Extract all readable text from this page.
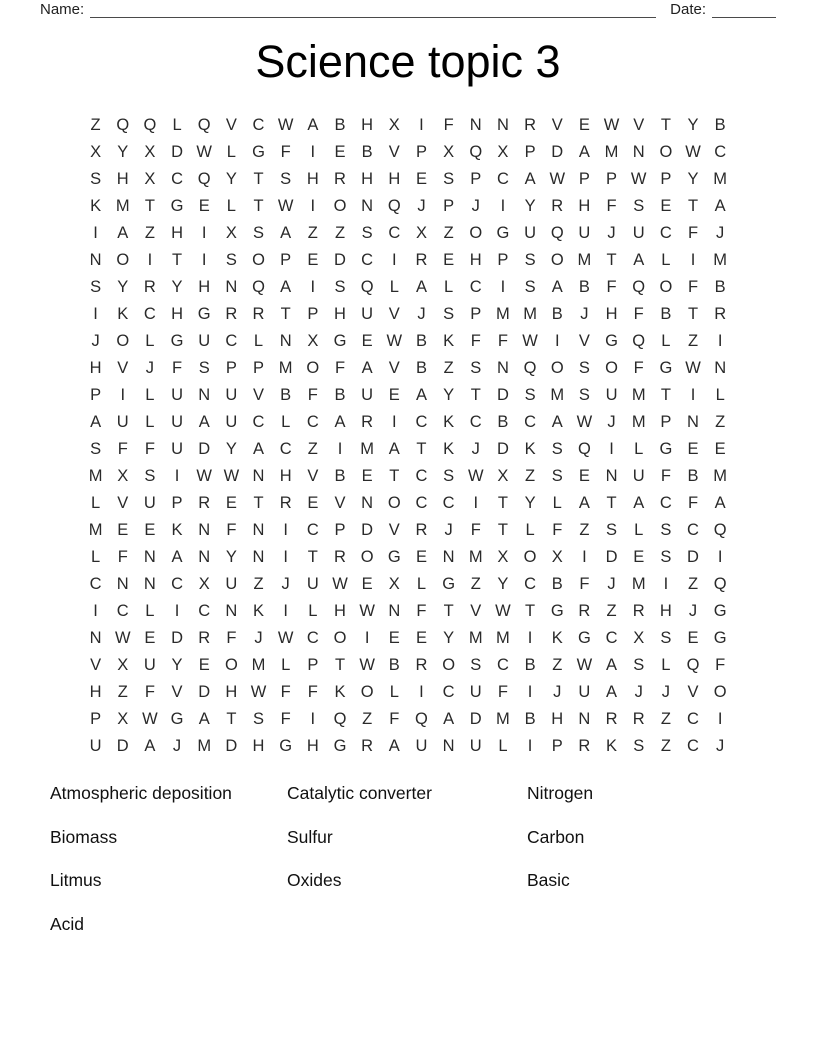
Name:	Date:
Science topic 3
Z Q Q L Q V C W A B H X	I	F N N R V E W V	T	Y B
X Y X D W L G F	I	E B V P X Q X P D A M N O W C
S H X C Q Y	T	S H R H H E S P C A W P P W P Y M
K M T G E	L	T W	I	O N Q	J	P	J	I	Y R H F	S E	T	A
I	A	Z H	I	X S A	Z	Z	S C X	Z O G U Q U	J	U C F	J
N O	I	T	I	S O P E D C	I	R E H P S O M T	A	L	I	M
S Y R Y H N Q A	I	S Q L	A	L	C	I	S A B	F Q O F	B
I	K C H G R R T	P H U V	J	S P M M B	J	H F	B	T R
J	O L G U C	L	N X G E W B K	F	F W	I	V G Q L	Z	I
H V	J	F	S P P M O F	A V B	Z	S N Q O S O F G W N
P	I	L	U N U V B	F	B U E A Y	T D S M S U M T	I	L
A U	L	U A U C	L	C A R	I	C K C B C A W J M P N Z
S	F	F U D Y A C Z	I	M A	T	K	J	D K S Q	I	L G E E
M X S	I	W W N H V B E	T C S W X	Z	S E N U F	B M
L	V U P R E	T R E V N O C C	I	T	Y	L	A	T	A C F	A
M E E K N F N	I	C P D V R	J	F	T	L	F	Z	S	L	S C Q
L	F N A N Y N	I	T R O G E N M X O X	I	D E S D	I
C N N C X U Z	J	U W E X	L G Z	Y C B	F	J M	I	Z Q
I	C	L	I	C N K	I	L	H W N F	T	V W T G R Z R H	J	G
N W E D R F	J W C O	I	E E Y M M	I	K G C X S E G
V X U Y E O M L	P	T W B R O S C B	Z W A S	L Q F
H Z	F	V D H W F	F	K O L	I	C U F	I	J	U A	J	J	V O
P X W G A	T	S	F	I	Q Z	F Q A D M B H N R R Z C	I
U D A	J M D H G H G R A U N U	L	I	P R K S	Z C	J
Atmospheric deposition
Biomass
Litmus
Acid
Catalytic converter
Sulfur
Oxides
Nitrogen
Carbon
Basic
